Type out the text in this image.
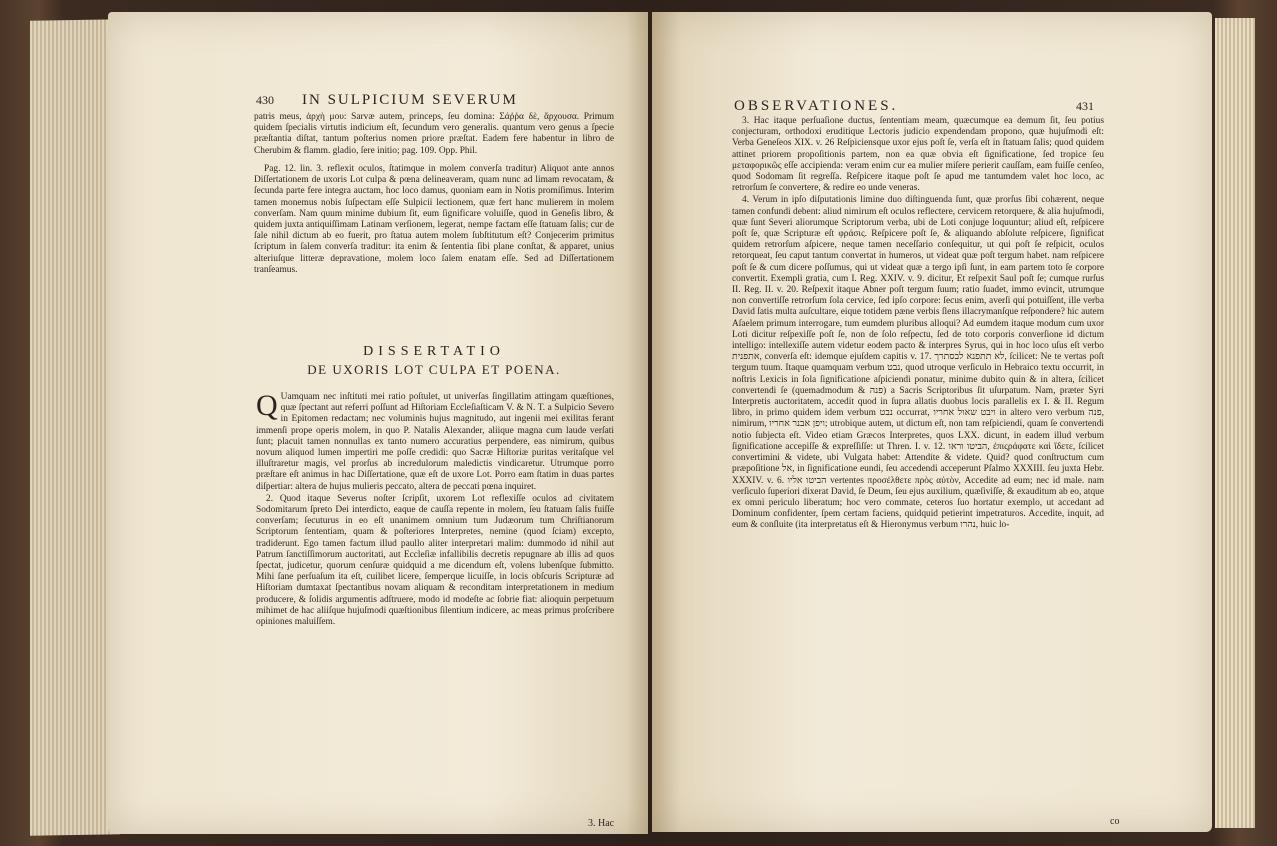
430 IN SULPICIUM SEVERUM

patris meus, ἀρχὴ μου: Sarvæ autem, princeps, ſeu domina: Σάῤῥα δὲ, ἄρχουσα. Primum quidem ſpecialis virtutis indicium eſt, ſecundum vero generalis. quantum vero genus a ſpecie præſtantia diſtat, tantum poſterius nomen priore præſtat. Eadem fere habentur in libro de Cherubim & flamm. gladio, ſere initio; pag. 109. Opp. Phil.

Pag. 12. lin. 3. reflexit oculos, ſtatimque in molem converſa traditur) Aliquot ante annos Diſſertationem de uxoris Lot culpa & pœna delineaveram, quam nunc ad limam revocatam, & ſecunda parte fere integra auctam, hoc loco damus, quoniam eam in Notis promiſimus. Interim tamen monemus nobis ſuſpectam eſſe Sulpicii lectionem, quæ fert hanc mulierem in molem converſam. Nam quum minime dubium ſit, eum ſignificare voluiſſe, quod in Geneſis libro, & quidem juxta antiquiſſimam Latinam verſionem, legerat, nempe factam eſſe ſtatuam ſalis; cur de ſale nihil dictum ab eo fuerit, pro ſtatua autem molem ſubſtitutum eſt? Conjecerim primitus ſcriptum in ſalem converſa traditur: ita enim & ſententia ſibi plane conſtat, & apparet, unius alteriuſque litteræ depravatione, molem loco ſalem enatam eſſe. Sed ad Diſſertationem tranſeamus.

DISSERTATIO
DE UXORIS LOT CULPA ET POENA.

Q Uamquam nec inſtituti mei ratio poſtulet, ut univerſas ſingillatim attingam quæſtiones, quæ ſpectant aut referri poſſunt ad Hiſtoriam Eccleſiaſticam V. & N. T. a Sulpicio Severo in Epitomen redactam; nec voluminis hujus magnitudo, aut ingenii mei exilitas ferant immenſi prope operis molem, in quo P. Natalis Alexander, aliique magna cum laude verſati ſunt; placuit tamen nonnullas ex tanto numero accuratius perpendere, eas nimirum, quibus novum aliquod lumen impertiri me poſſe credidi: quo Sacræ Hiſtoriæ puritas veritaſque vel illuſtraretur magis, vel prorſus ab incredulorum maledictis vindicaretur. Utrumque porro præſtare eſt animus in hac Diſſertatione, quæ eſt de uxore Lot. Porro eam ſtatim in duas partes diſpertiar: altera de hujus mulieris peccato, altera de peccati pœna inquiret.

2. Quod itaque Severus noſter ſcripſit, uxorem Lot reflexiſſe oculos ad civitatem Sodomitarum ſpreto Dei interdicto, eaque de cauſſa repente in molem, ſeu ſtatuam ſalis fuiſſe converſam; ſecuturus in eo eſt unanimem omnium tum Judæorum tum Chriſtianorum Scriptorum ſententiam, quam & poſteriores Interpretes, nemine (quod ſciam) excepto, tradiderunt. Ego tamen factum illud paullo aliter interpretari malim: dummodo id nihil aut Patrum ſanctiſſimorum auctoritati, aut Eccleſiæ infallibilis decretis repugnare ab illis ad quos ſpectat, judicetur, quorum cenſuræ quidquid a me dicendum eſt, volens lubenſque ſubmitto. Mihi ſane perſuaſum ita eſt, cuilibet licere, ſemperque licuiſſe, in locis obſcuris Scripturæ ad Hiſtoriam dumtaxat ſpectantibus novam aliquam & reconditam interpretationem in medium producere, & ſolidis argumentis adſtruere, modo id modeſte ac ſobrie fiat: alioquin perpetuum mihimet de hac aliiſque hujuſmodi quæſtionibus ſilentium indicere, ac meas primus proſcribere opiniones maluiſſem.

3. Hac
OBSERVATIONES.	431

3. Hac itaque perſuaſione ductus, ſententiam meam, quæcumque ea demum ſit, ſeu potius conjecturam, orthodoxi eruditique Lectoris judicio expendendam propono, quæ hujuſmodi eſt: Verba Geneſeos XIX. v. 26 Reſpiciensque uxor ejus poſt ſe, verſa eſt in ſtatuam ſalis; quod quidem attinet priorem propoſitionis partem, non ea quæ obvia eſt ſignificatione, ſed tropice ſeu μεταφορικῶς eſſe accipienda: veram enim cur ea mulier miſere perierit cauſſam, eam fuiſſe cenſeo, quod Sodomam ſit regreſſa. Reſpicere itaque poſt ſe apud me tantumdem valet hoc loco, ac retrorſum ſe convertere, & redire eo unde veneras.

4. Verum in ipſo diſputationis limine duo diſtinguenda ſunt, quæ prorſus ſibi cohærent, neque tamen confundi debent: aliud nimirum eſt oculos reflectere, cervicem retorquere, & alia hujuſmodi, quæ ſunt Severi aliorumque Scriptorum verba, ubi de Loti conjuge loquuntur; aliud eſt, reſpicere poſt ſe, quæ Scripturæ eſt φράσις. Reſpicere poſt ſe, & aliquando abſolute reſpicere, ſignificat quidem retrorſum aſpicere, neque tamen neceſſario conſequitur, ut qui poſt ſe reſpicit, oculos retorqueat, ſeu caput tantum convertat in humeros, ut videat quæ poſt tergum habet. nam reſpicere poſt ſe & cum dicere poſſumus, qui ut videat quæ a tergo ipſi ſunt, in eam partem toto ſe corpore convertit. Exempli gratia, cum I. Reg. XXIV. v. 9. dicitur, Et reſpexit Saul poſt ſe; cumque rurſus II. Reg. II. v. 20. Reſpexit itaque Abner poſt tergum ſuum; ratio ſuadet, immo evincit, utrumque non convertiſſe retrorſum ſola cervice, ſed ipſo corpore: ſecus enim, averſi qui potuiſſent, ille verba David ſatis multa auſcultare, eique totidem pæne verbis ſlens illacrymanſque reſpondere? hic autem Aſaelem primum interrogare, tum eumdem pluribus alloqui? Ad eumdem itaque modum cum uxor Loti dicitur reſpexiſſe poſt ſe, non de ſolo reſpectu, ſed de toto corporis converſione id dictum intelligo: intellexiſſe autem videtur eodem pacto & interpres Syrus, qui in hoc loco uſus eſt verbo אתפנית, converſa eſt: idemque ejuſdem capitis v. 17. לא תתפנא לבסתרך, ſcilicet: Ne te vertas poſt tergum tuum. Itaque quamquam verbum נבט, quod utroque verſiculo in Hebraico textu occurrit, in noſtris Lexicis in ſola ſignificatione aſpiciendi ponatur, minime dubito quin & in altera, ſcilicet convertendi ſe (quemadmodum & פנה) a Sacris Scriptoribus ſit uſurpatum. Nam, præter Syri Interpretis auctoritatem, accedit quod in ſupra allatis duobus locis parallelis ex I. & II. Regum libro, in primo quidem idem verbum נבט occurrat, ויבט שאול אחריו in altero vero verbum פנה, nimirum, ויפן אבנר אחריו; utrobique autem, ut dictum eſt, non tam reſpiciendi, quam ſe convertendi notio ſubjecta eſt. Video etiam Græcos Interpretes, quos LXX. dicunt, in eadem illud verbum ſignificatione accepiſſe & expreſſiſſe: ut Thren. I. v. 12. הביטו וראו, ἐπιςράφατε καὶ ἴδετε, ſcilicet convertimini & videte, ubi Vulgata habet: Attendite & videte. Quid? quod conſtructum cum præpoſitione אל, in ſignificatione eundi, ſeu accedendi acceperunt Pſalmo XXXIII. ſeu juxta Hebr. XXXIV. v. 6. הביטו אליו vertentes προσέλθετε πρὸς αὐτὸν, Accedite ad eum; nec id male. nam verſiculo ſuperiori dixerat David, ſe Deum, ſeu ejus auxilium, quæſiviſſe, & exauditum ab eo, atque ex omni periculo liberatum; hoc vero commate, ceteros ſuo hortatur exemplo, ut accedant ad Dominum confidenter, ſpem certam faciens, quidquid petierint impetraturos. Accedite, inquit, ad eum & conſluite (ita interpretatus eſt & Hieronymus verbum נהרו, huic lo-

co
